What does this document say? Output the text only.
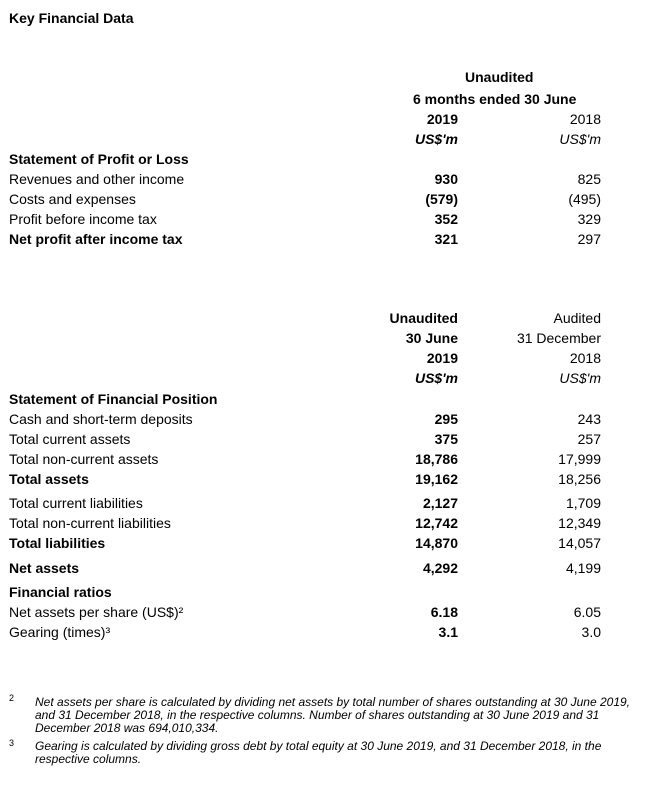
Key Financial Data
Unaudited
6 months ended 30 June
2019	2018
US$'m	US$'m
Statement of Profit or Loss
Revenues and other income	930	825
Costs and expenses	(579)	(495)
Profit before income tax	352	329
Net profit after income tax	321	297
Unaudited	Audited
30 June	31 December
2019	2018
US$'m	US$'m
Statement of Financial Position
Cash and short-term deposits	295	243
Total current assets	375	257
Total non-current assets	18,786	17,999
Total assets	19,162	18,256
Total current liabilities	2,127	1,709
Total non-current liabilities	12,742	12,349
Total liabilities	14,870	14,057
Net assets	4,292	4,199
Financial ratios
Net assets per share (US$)²	6.18	6.05
Gearing (times)³	3.1	3.0
2 Net assets per share is calculated by dividing net assets by total number of shares outstanding at 30 June 2019, and 31 December 2018, in the respective columns. Number of shares outstanding at 30 June 2019 and 31 December 2018 was 694,010,334.
3 Gearing is calculated by dividing gross debt by total equity at 30 June 2019, and 31 December 2018, in the respective columns.
